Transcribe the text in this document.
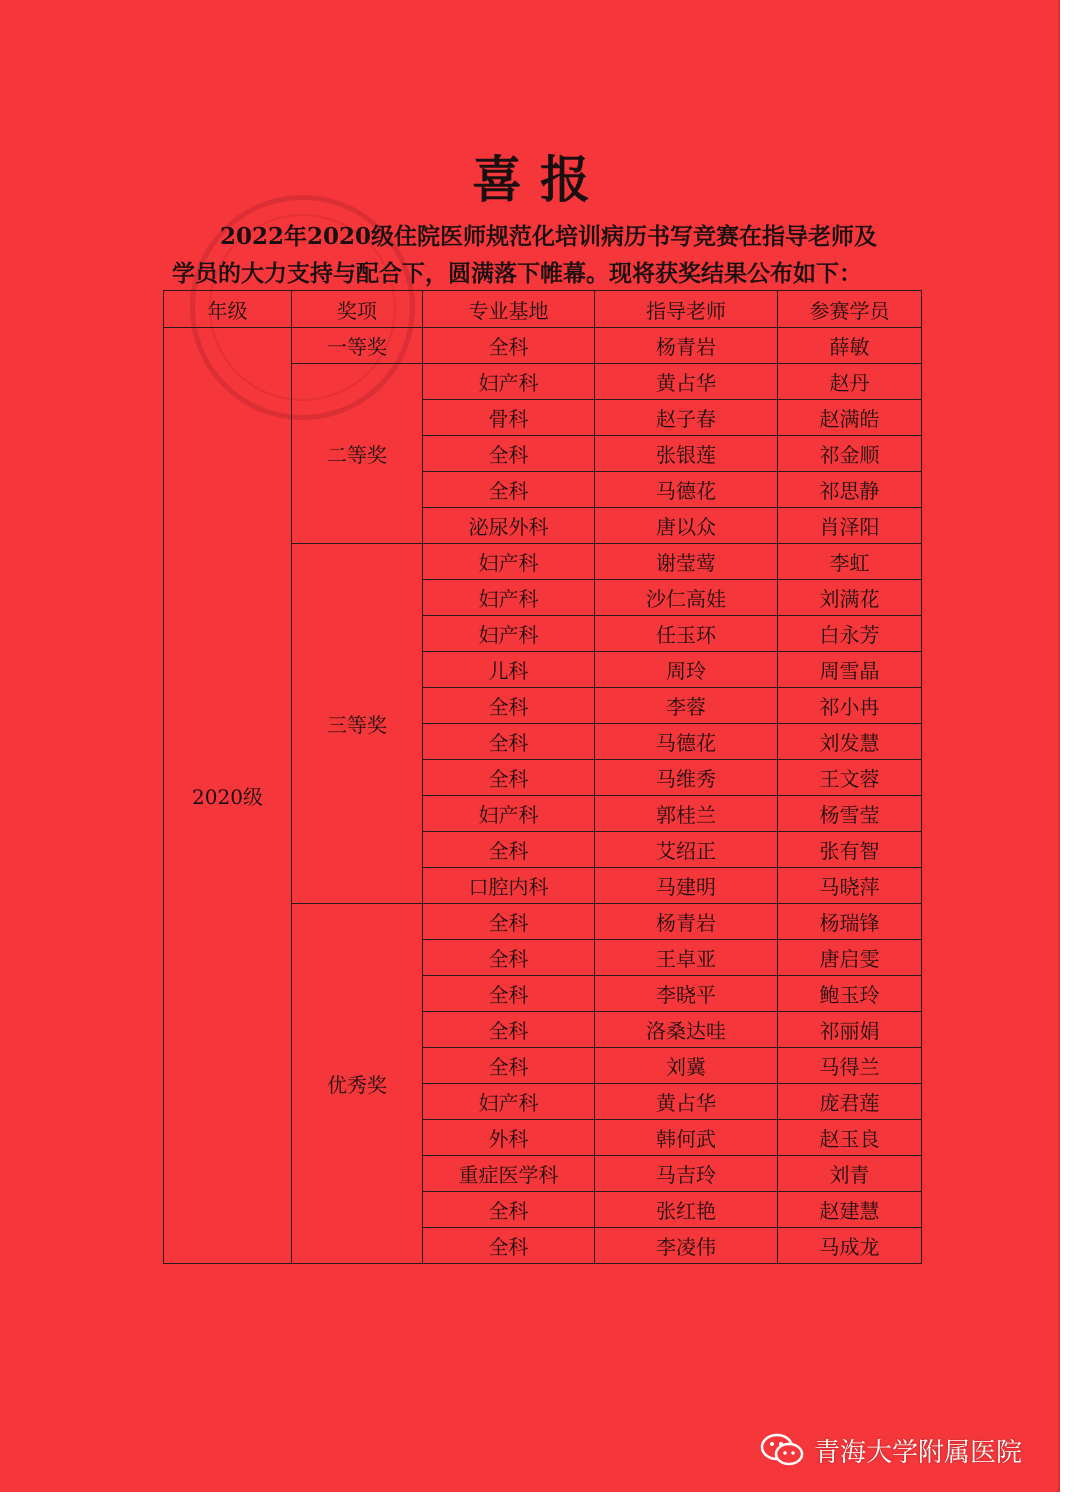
喜报
2022年2020级住院医师规范化培训病历书写竞赛在指导老师及
学员的大力支持与配合下，圆满落下帷幕。现将获奖结果公布如下：
年级	奖项	专业基地	指导老师	参赛学员
2020级	一等奖	全科	杨青岩	薛敏
	二等奖	妇产科	黄占华	赵丹
		骨科	赵子春	赵满皓
		全科	张银莲	祁金顺
		全科	马德花	祁思静
		泌尿外科	唐以众	肖泽阳
	三等奖	妇产科	谢莹莺	李虹
		妇产科	沙仁高娃	刘满花
		妇产科	任玉环	白永芳
		儿科	周玲	周雪晶
		全科	李蓉	祁小冉
		全科	马德花	刘发慧
		全科	马维秀	王文蓉
		妇产科	郭桂兰	杨雪莹
		全科	艾绍正	张有智
		口腔内科	马建明	马晓萍
	优秀奖	全科	杨青岩	杨瑞锋
		全科	王卓亚	唐启雯
		全科	李晓平	鲍玉玲
		全科	洛桑达哇	祁丽娟
		全科	刘冀	马得兰
		妇产科	黄占华	庞君莲
		外科	韩何武	赵玉良
		重症医学科	马吉玲	刘青
		全科	张红艳	赵建慧
		全科	李凌伟	马成龙
青海大学附属医院
